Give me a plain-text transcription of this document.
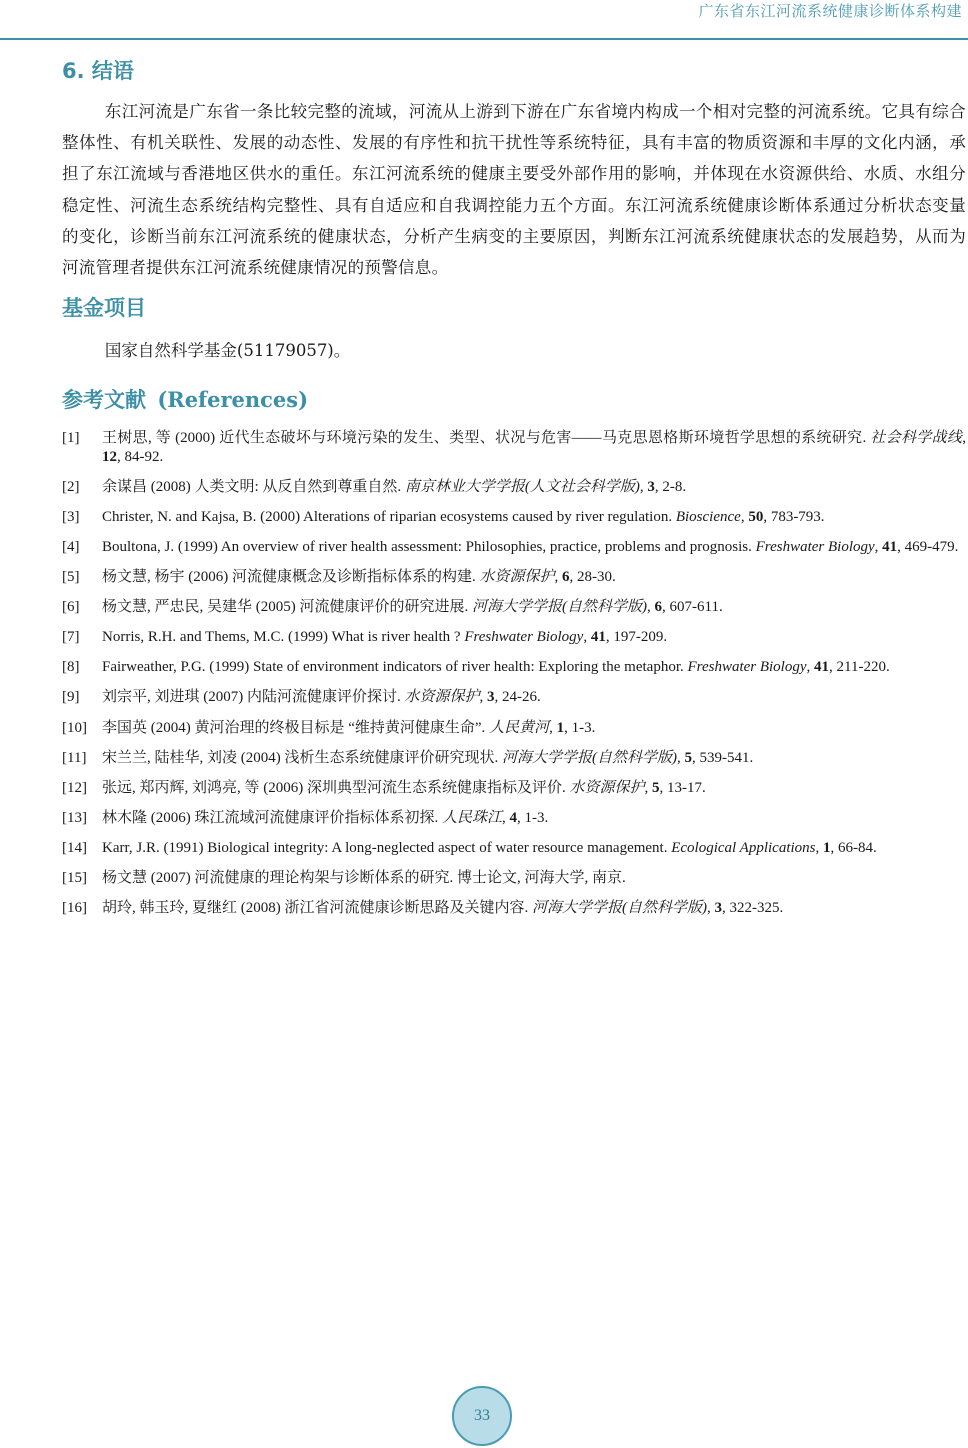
广东省东江河流系统健康诊断体系构建
6. 结语

东江河流是广东省一条比较完整的流域，河流从上游到下游在广东省境内构成一个相对完整的河流系统。它具有综合整体性、有机关联性、发展的动态性、发展的有序性和抗干扰性等系统特征，具有丰富的物质资源和丰厚的文化内涵，承担了东江流域与香港地区供水的重任。东江河流系统的健康主要受外部作用的影响，并体现在水资源供给、水质、水组分稳定性、河流生态系统结构完整性、具有自适应和自我调控能力五个方面。东江河流系统健康诊断体系通过分析状态变量的变化，诊断当前东江河流系统的健康状态，分析产生病变的主要原因，判断东江河流系统健康状态的发展趋势，从而为河流管理者提供东江河流系统健康情况的预警信息。

基金项目

国家自然科学基金(51179057)。

参考文献 (References)
[1] 王树思, 等 (2000) 近代生态破坏与环境污染的发生、类型、状况与危害——马克思恩格斯环境哲学思想的系统研究. 社会科学战线, 12, 84-92.
[2] 余谋昌 (2008) 人类文明: 从反自然到尊重自然. 南京林业大学学报(人文社会科学版), 3, 2-8.
[3] Christer, N. and Kajsa, B. (2000) Alterations of riparian ecosystems caused by river regulation. Bioscience, 50, 783-793.
[4] Boultona, J. (1999) An overview of river health assessment: Philosophies, practice, problems and prognosis. Freshwater Biology, 41, 469-479.
[5] 杨文慧, 杨宇 (2006) 河流健康概念及诊断指标体系的构建. 水资源保护, 6, 28-30.
[6] 杨文慧, 严忠民, 吴建华 (2005) 河流健康评价的研究进展. 河海大学学报(自然科学版), 6, 607-611.
[7] Norris, R.H. and Thems, M.C. (1999) What is river health ? Freshwater Biology, 41, 197-209.
[8] Fairweather, P.G. (1999) State of environment indicators of river health: Exploring the metaphor. Freshwater Biology, 41, 211-220.
[9] 刘宗平, 刘进琪 (2007) 内陆河流健康评价探讨. 水资源保护, 3, 24-26.
[10] 李国英 (2004) 黄河治理的终极目标是 “维持黄河健康生命”. 人民黄河, 1, 1-3.
[11] 宋兰兰, 陆桂华, 刘凌 (2004) 浅析生态系统健康评价研究现状. 河海大学学报(自然科学版), 5, 539-541.
[12] 张远, 郑丙辉, 刘鸿亮, 等 (2006) 深圳典型河流生态系统健康指标及评价. 水资源保护, 5, 13-17.
[13] 林木隆 (2006) 珠江流域河流健康评价指标体系初探. 人民珠江, 4, 1-3.
[14] Karr, J.R. (1991) Biological integrity: A long-neglected aspect of water resource management. Ecological Applications, 1, 66-84.
[15] 杨文慧 (2007) 河流健康的理论构架与诊断体系的研究. 博士论文, 河海大学, 南京.
[16] 胡玲, 韩玉玲, 夏继红 (2008) 浙江省河流健康诊断思路及关键内容. 河海大学学报(自然科学版), 3, 322-325.
33
